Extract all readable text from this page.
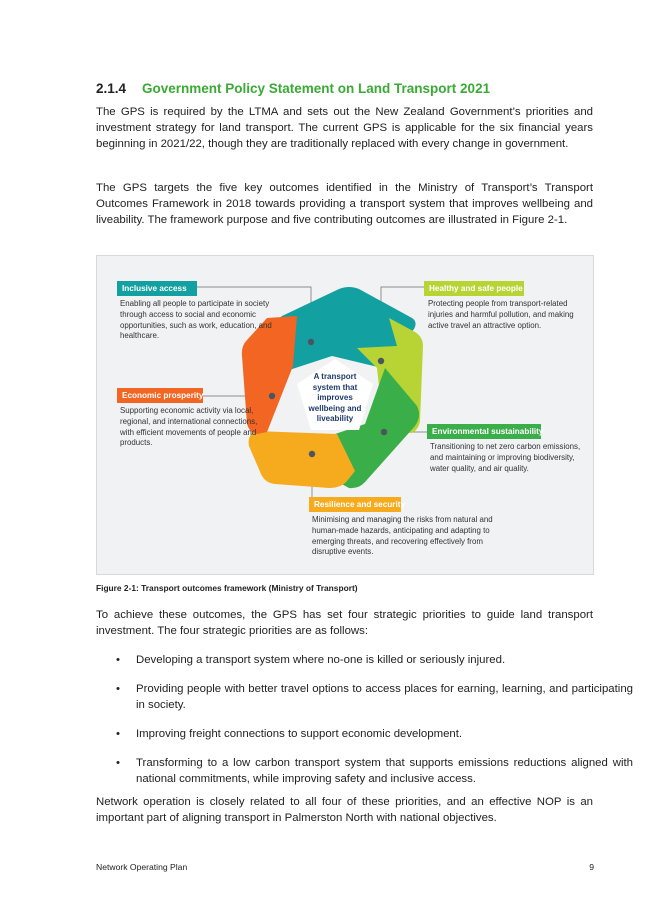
2.1.4	Government Policy Statement on Land Transport 2021

The GPS is required by the LTMA and sets out the New Zealand Government’s priorities and investment strategy for land transport. The current GPS is applicable for the six financial years beginning in 2021/22, though they are traditionally replaced with every change in government.

The GPS targets the five key outcomes identified in the Ministry of Transport’s Transport Outcomes Framework in 2018 towards providing a transport system that improves wellbeing and liveability. The framework purpose and five contributing outcomes are illustrated in Figure 2-1.

A transport system that improves wellbeing and liveability

Inclusive access

Enabling all people to participate in society through access to social and economic opportunities, such as work, education, and healthcare.

Healthy and safe people

Protecting people from transport-related injuries and harmful pollution, and making active travel an attractive option.

Environmental sustainability

Transitioning to net zero carbon emissions, and maintaining or improving biodiversity, water quality, and air quality.

Resilience and security

Minimising and managing the risks from natural and human-made hazards, anticipating and adapting to emerging threats, and recovering effectively from disruptive events.

Economic prosperity

Supporting economic activity via local, regional, and international connections, with efficient movements of people and products.

Figure 2-1: Transport outcomes framework (Ministry of Transport)

To achieve these outcomes, the GPS has set four strategic priorities to guide land transport investment. The four strategic priorities are as follows:

• Developing a transport system where no-one is killed or seriously injured.
• Providing people with better travel options to access places for earning, learning, and participating in society.
• Improving freight connections to support economic development.
• Transforming to a low carbon transport system that supports emissions reductions aligned with national commitments, while improving safety and inclusive access.

Network operation is closely related to all four of these priorities, and an effective NOP is an important part of aligning transport in Palmerston North with national objectives.

Network Operating Plan	9
